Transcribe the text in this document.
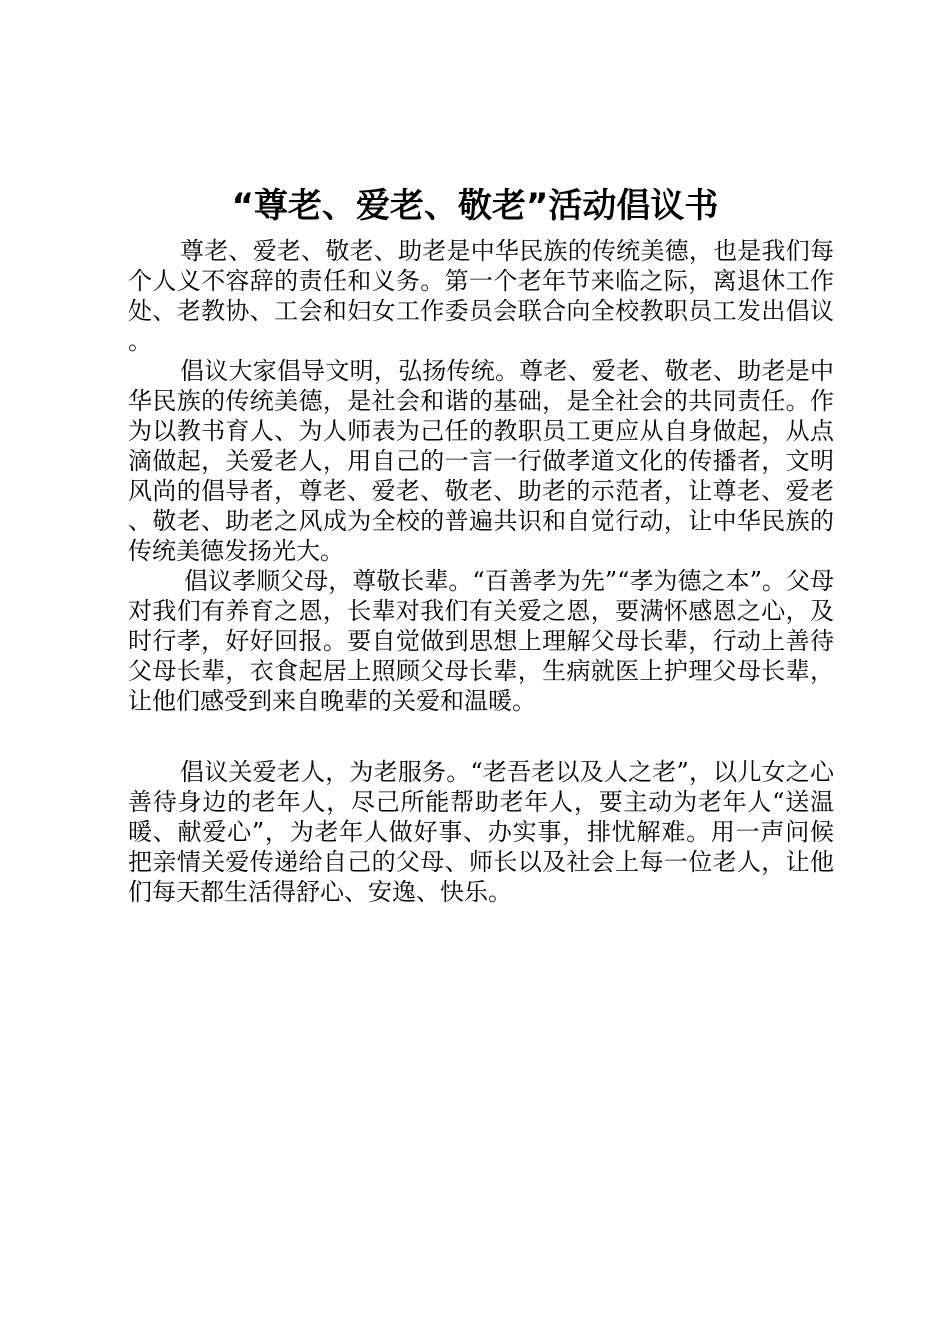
“尊老、爱老、敬老”活动倡议书

尊老、爱老、敬老、助老是中华民族的传统美德，也是我们每个人义不容辞的责任和义务。第一个老年节来临之际，离退休工作处、老教协、工会和妇女工作委员会联合向全校教职员工发出倡议。

倡议大家倡导文明，弘扬传统。尊老、爱老、敬老、助老是中华民族的传统美德，是社会和谐的基础，是全社会的共同责任。作为以教书育人、为人师表为己任的教职员工更应从自身做起，从点滴做起，关爱老人，用自己的一言一行做孝道文化的传播者，文明风尚的倡导者，尊老、爱老、敬老、助老的示范者，让尊老、爱老、敬老、助老之风成为全校的普遍共识和自觉行动，让中华民族的传统美德发扬光大。

倡议孝顺父母，尊敬长辈。“百善孝为先”“孝为德之本”。父母对我们有养育之恩，长辈对我们有关爱之恩，要满怀感恩之心，及时行孝，好好回报。要自觉做到思想上理解父母长辈，行动上善待父母长辈，衣食起居上照顾父母长辈，生病就医上护理父母长辈，让他们感受到来自晚辈的关爱和温暖。

倡议关爱老人，为老服务。“老吾老以及人之老”，以儿女之心善待身边的老年人，尽己所能帮助老年人，要主动为老年人“送温暖、献爱心”，为老年人做好事、办实事，排忧解难。用一声问候把亲情关爱传递给自己的父母、师长以及社会上每一位老人，让他们每天都生活得舒心、安逸、快乐。
